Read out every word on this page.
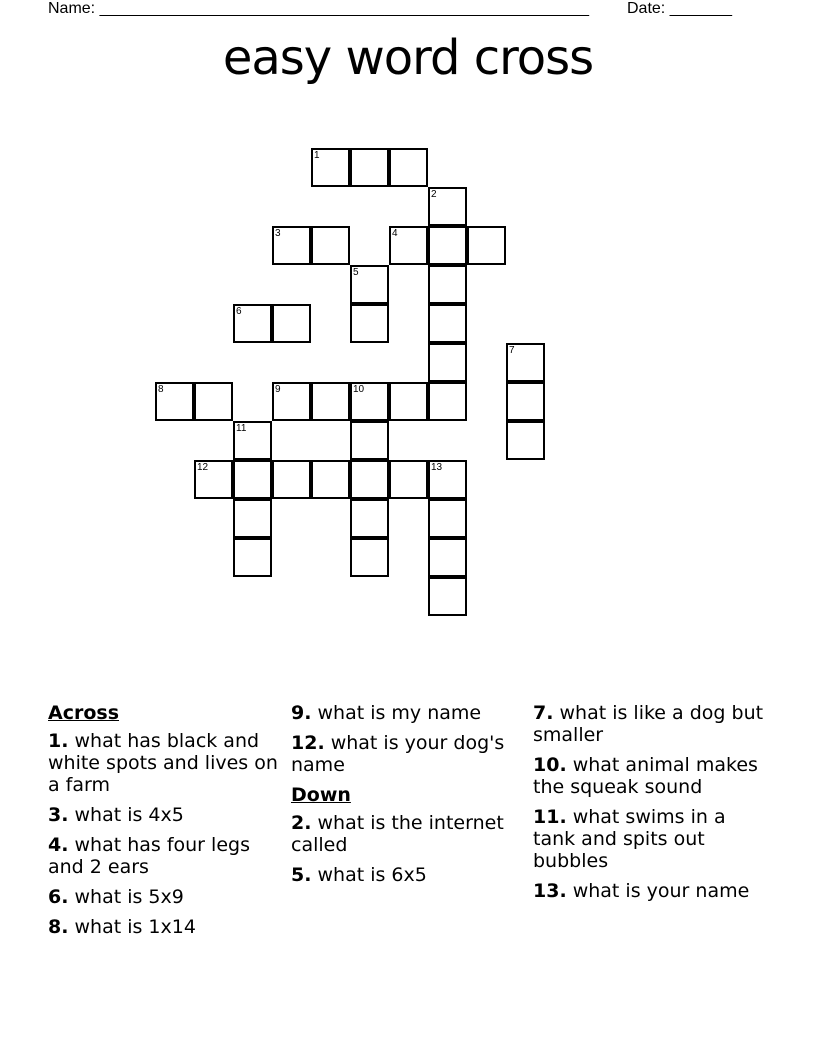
Name: _______________________________________________________ Date: _______
easy word cross
1
2
3	4
5
6
7
8	9	10
11
12	13
Across
1. what has black and white spots and lives on a farm
3. what is 4x5
4. what has four legs and 2 ears
6. what is 5x9
8. what is 1x14
9. what is my name
12. what is your dog's name
Down
2. what is the internet called
5. what is 6x5
7. what is like a dog but smaller
10. what animal makes the squeak sound
11. what swims in a tank and spits out bubbles
13. what is your name
